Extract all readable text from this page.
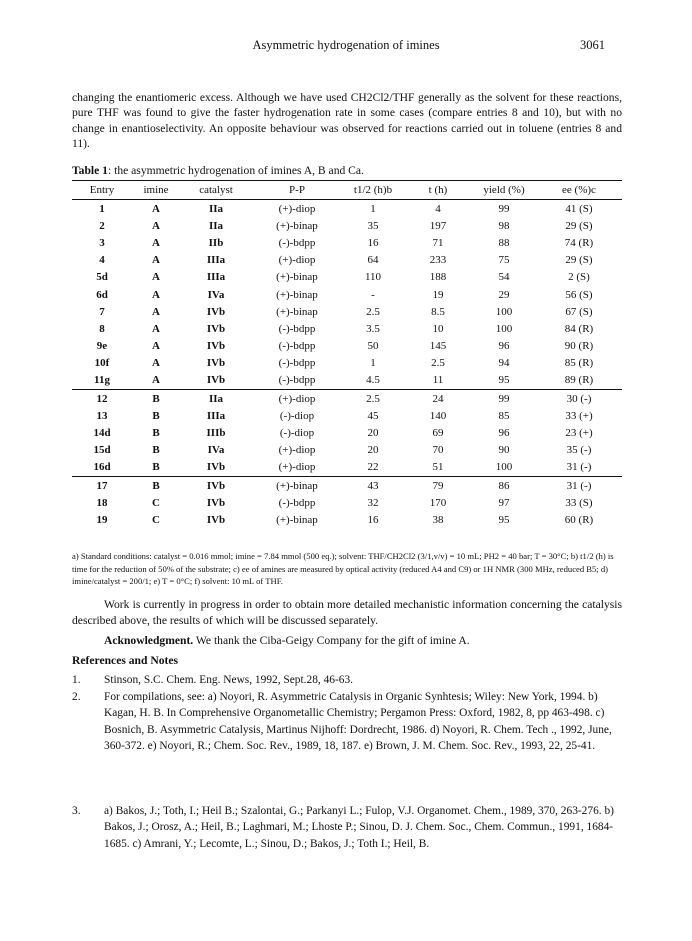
Asymmetric hydrogenation of imines	3061
changing the enantiomeric excess. Although we have used CH2Cl2/THF generally as the solvent for these reactions, pure THF was found to give the faster hydrogenation rate in some cases (compare entries 8 and 10), but with no change in enantioselectivity. An opposite behaviour was observed for reactions carried out in toluene (entries 8 and 11).
Table 1: the asymmetric hydrogenation of imines A, B and Ca.
Entry	imine	catalyst	P-P	t1/2 (h)b	t (h)	yield (%)	ee (%)c
1	A	IIa	(+)-diop	1	4	99	41 (S)
2	A	IIa	(+)-binap	35	197	98	29 (S)
3	A	IIb	(-)-bdpp	16	71	88	74 (R)
4	A	IIIa	(+)-diop	64	233	75	29 (S)
5d	A	IIIa	(+)-binap	110	188	54	2 (S)
6d	A	IVa	(+)-binap	-	19	29	56 (S)
7	A	IVb	(+)-binap	2.5	8.5	100	67 (S)
8	A	IVb	(-)-bdpp	3.5	10	100	84 (R)
9e	A	IVb	(-)-bdpp	50	145	96	90 (R)
10f	A	IVb	(-)-bdpp	1	2.5	94	85 (R)
11g	A	IVb	(-)-bdpp	4.5	11	95	89 (R)
12	B	IIa	(+)-diop	2.5	24	99	30 (-)
13	B	IIIa	(-)-diop	45	140	85	33 (+)
14d	B	IIIb	(-)-diop	20	69	96	23 (+)
15d	B	IVa	(+)-diop	20	70	90	35 (-)
16d	B	IVb	(+)-diop	22	51	100	31 (-)
17	B	IVb	(+)-binap	43	79	86	31 (-)
18	C	IVb	(-)-bdpp	32	170	97	33 (S)
19	C	IVb	(+)-binap	16	38	95	60 (R)
a) Standard conditions: catalyst = 0.016 mmol; imine = 7.84 mmol (500 eq.); solvent: THF/CH2Cl2 (3/1,v/v) = 10 mL; PH2 = 40 bar; T = 30°C; b) t1/2 (h) is time for the reduction of 50% of the substrate; c) ee of amines are measured by optical activity (reduced A4 and C9) or 1H NMR (300 MHz, reduced B5; d) imine/catalyst = 200/1; e) T = 0°C; f) solvent: 10 mL of THF.
Work is currently in progress in order to obtain more detailed mechanistic information concerning the catalysis described above, the results of which will be discussed separately.
Acknowledgment. We thank the Ciba-Geigy Company for the gift of imine A.
References and Notes
1.	Stinson, S.C. Chem. Eng. News, 1992, Sept.28, 46-63.
2.	For compilations, see: a) Noyori, R. Asymmetric Catalysis in Organic Synhtesis; Wiley: New York, 1994. b) Kagan, H. B. In Comprehensive Organometallic Chemistry; Pergamon Press: Oxford, 1982, 8, pp 463-498. c) Bosnich, B. Asymmetric Catalysis, Martinus Nijhoff: Dordrecht, 1986. d) Noyori, R. Chem. Tech ., 1992, June, 360-372. e) Noyori, R.; Chem. Soc. Rev., 1989, 18, 187. e) Brown, J. M. Chem. Soc. Rev., 1993, 22, 25-41.
3.	a) Bakos, J.; Toth, I.; Heil B.; Szalontai, G.; Parkanyi L.; Fulop, V.J. Organomet. Chem., 1989, 370, 263-276. b) Bakos, J.; Orosz, A.; Heil, B.; Laghmari, M.; Lhoste P.; Sinou, D. J. Chem. Soc., Chem. Commun., 1991, 1684-1685. c) Amrani, Y.; Lecomte, L.; Sinou, D.; Bakos, J.; Toth I.; Heil, B.
